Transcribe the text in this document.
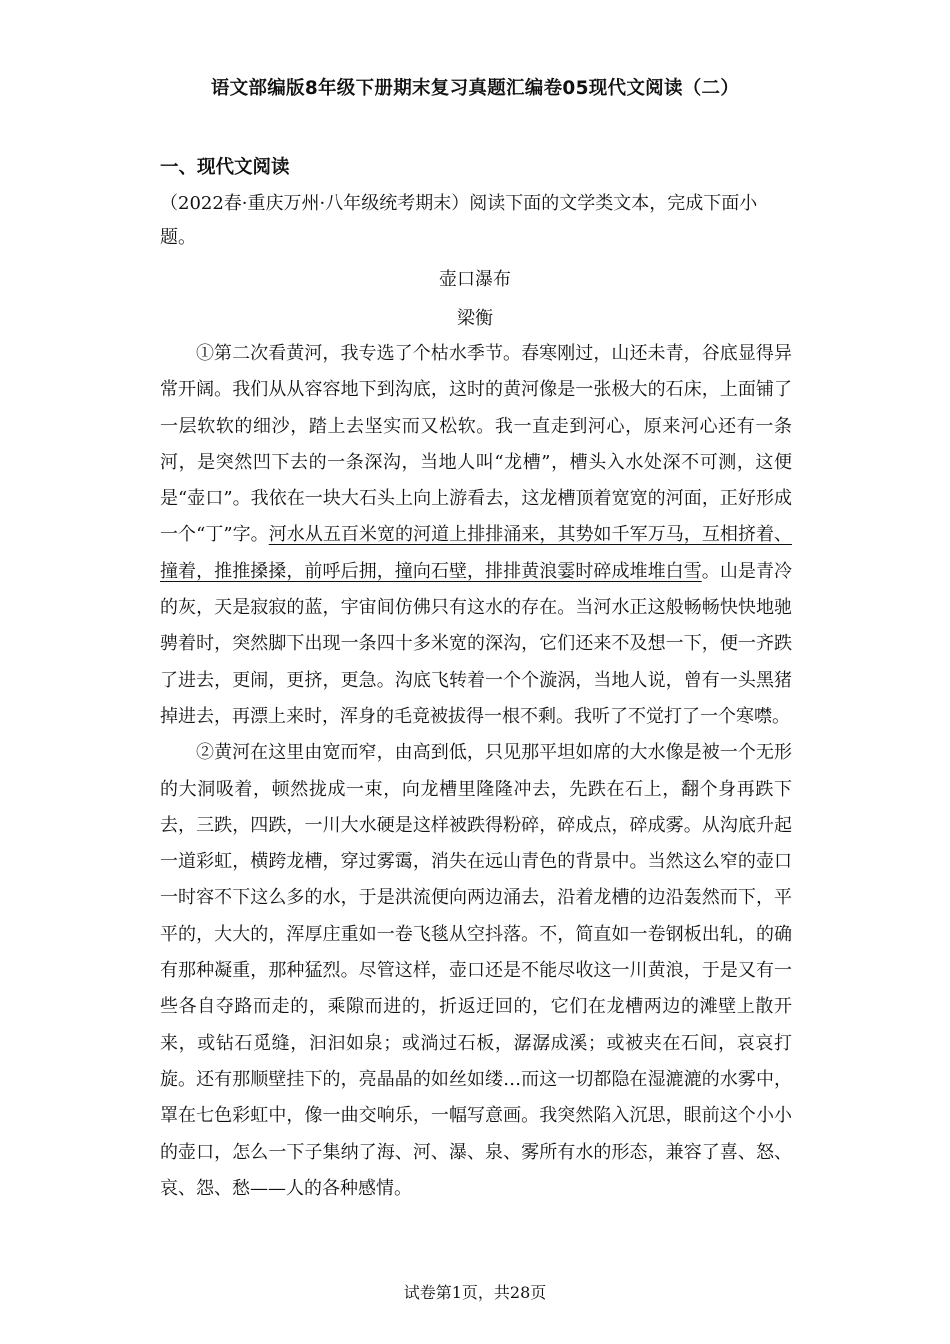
语文部编版8年级下册期末复习真题汇编卷05现代文阅读（二）
一、现代文阅读

（2022春·重庆万州·八年级统考期末）阅读下面的文学类文本，完成下面小题。

壶口瀑布
梁衡

①第二次看黄河，我专选了个枯水季节。春寒刚过，山还未青，谷底显得异常开阔。我们从从容容地下到沟底，这时的黄河像是一张极大的石床，上面铺了一层软软的细沙，踏上去坚实而又松软。我一直走到河心，原来河心还有一条河，是突然凹下去的一条深沟，当地人叫“龙槽”，槽头入水处深不可测，这便是“壶口”。我依在一块大石头上向上游看去，这龙槽顶着宽宽的河面，正好形成一个“丁”字。河水从五百米宽的河道上排排涌来，其势如千军万马，互相挤着、撞着，推推搡搡，前呼后拥，撞向石壁，排排黄浪霎时碎成堆堆白雪。山是青冷的灰，天是寂寂的蓝，宇宙间仿佛只有这水的存在。当河水正这般畅畅快快地驰骋着时，突然脚下出现一条四十多米宽的深沟，它们还来不及想一下，便一齐跌了进去，更闹，更挤，更急。沟底飞转着一个个漩涡，当地人说，曾有一头黑猪掉进去，再漂上来时，浑身的毛竟被拔得一根不剩。我听了不觉打了一个寒噤。

②黄河在这里由宽而窄，由高到低，只见那平坦如席的大水像是被一个无形的大洞吸着，顿然拢成一束，向龙槽里隆隆冲去，先跌在石上，翻个身再跌下去，三跌，四跌，一川大水硬是这样被跌得粉碎，碎成点，碎成雾。从沟底升起一道彩虹，横跨龙槽，穿过雾霭，消失在远山青色的背景中。当然这么窄的壶口一时容不下这么多的水，于是洪流便向两边涌去，沿着龙槽的边沿轰然而下，平平的，大大的，浑厚庄重如一卷飞毯从空抖落。不，简直如一卷钢板出轧，的确有那种凝重，那种猛烈。尽管这样，壶口还是不能尽收这一川黄浪，于是又有一些各自夺路而走的，乘隙而进的，折返迂回的，它们在龙槽两边的滩壁上散开来，或钻石觅缝，汩汩如泉；或淌过石板，潺潺成溪；或被夹在石间，哀哀打旋。还有那顺壁挂下的，亮晶晶的如丝如缕…而这一切都隐在湿漉漉的水雾中，罩在七色彩虹中，像一曲交响乐，一幅写意画。我突然陷入沉思，眼前这个小小的壶口，怎么一下子集纳了海、河、瀑、泉、雾所有水的形态，兼容了喜、怒、哀、怨、愁——人的各种感情。

试卷第1页，共28页
